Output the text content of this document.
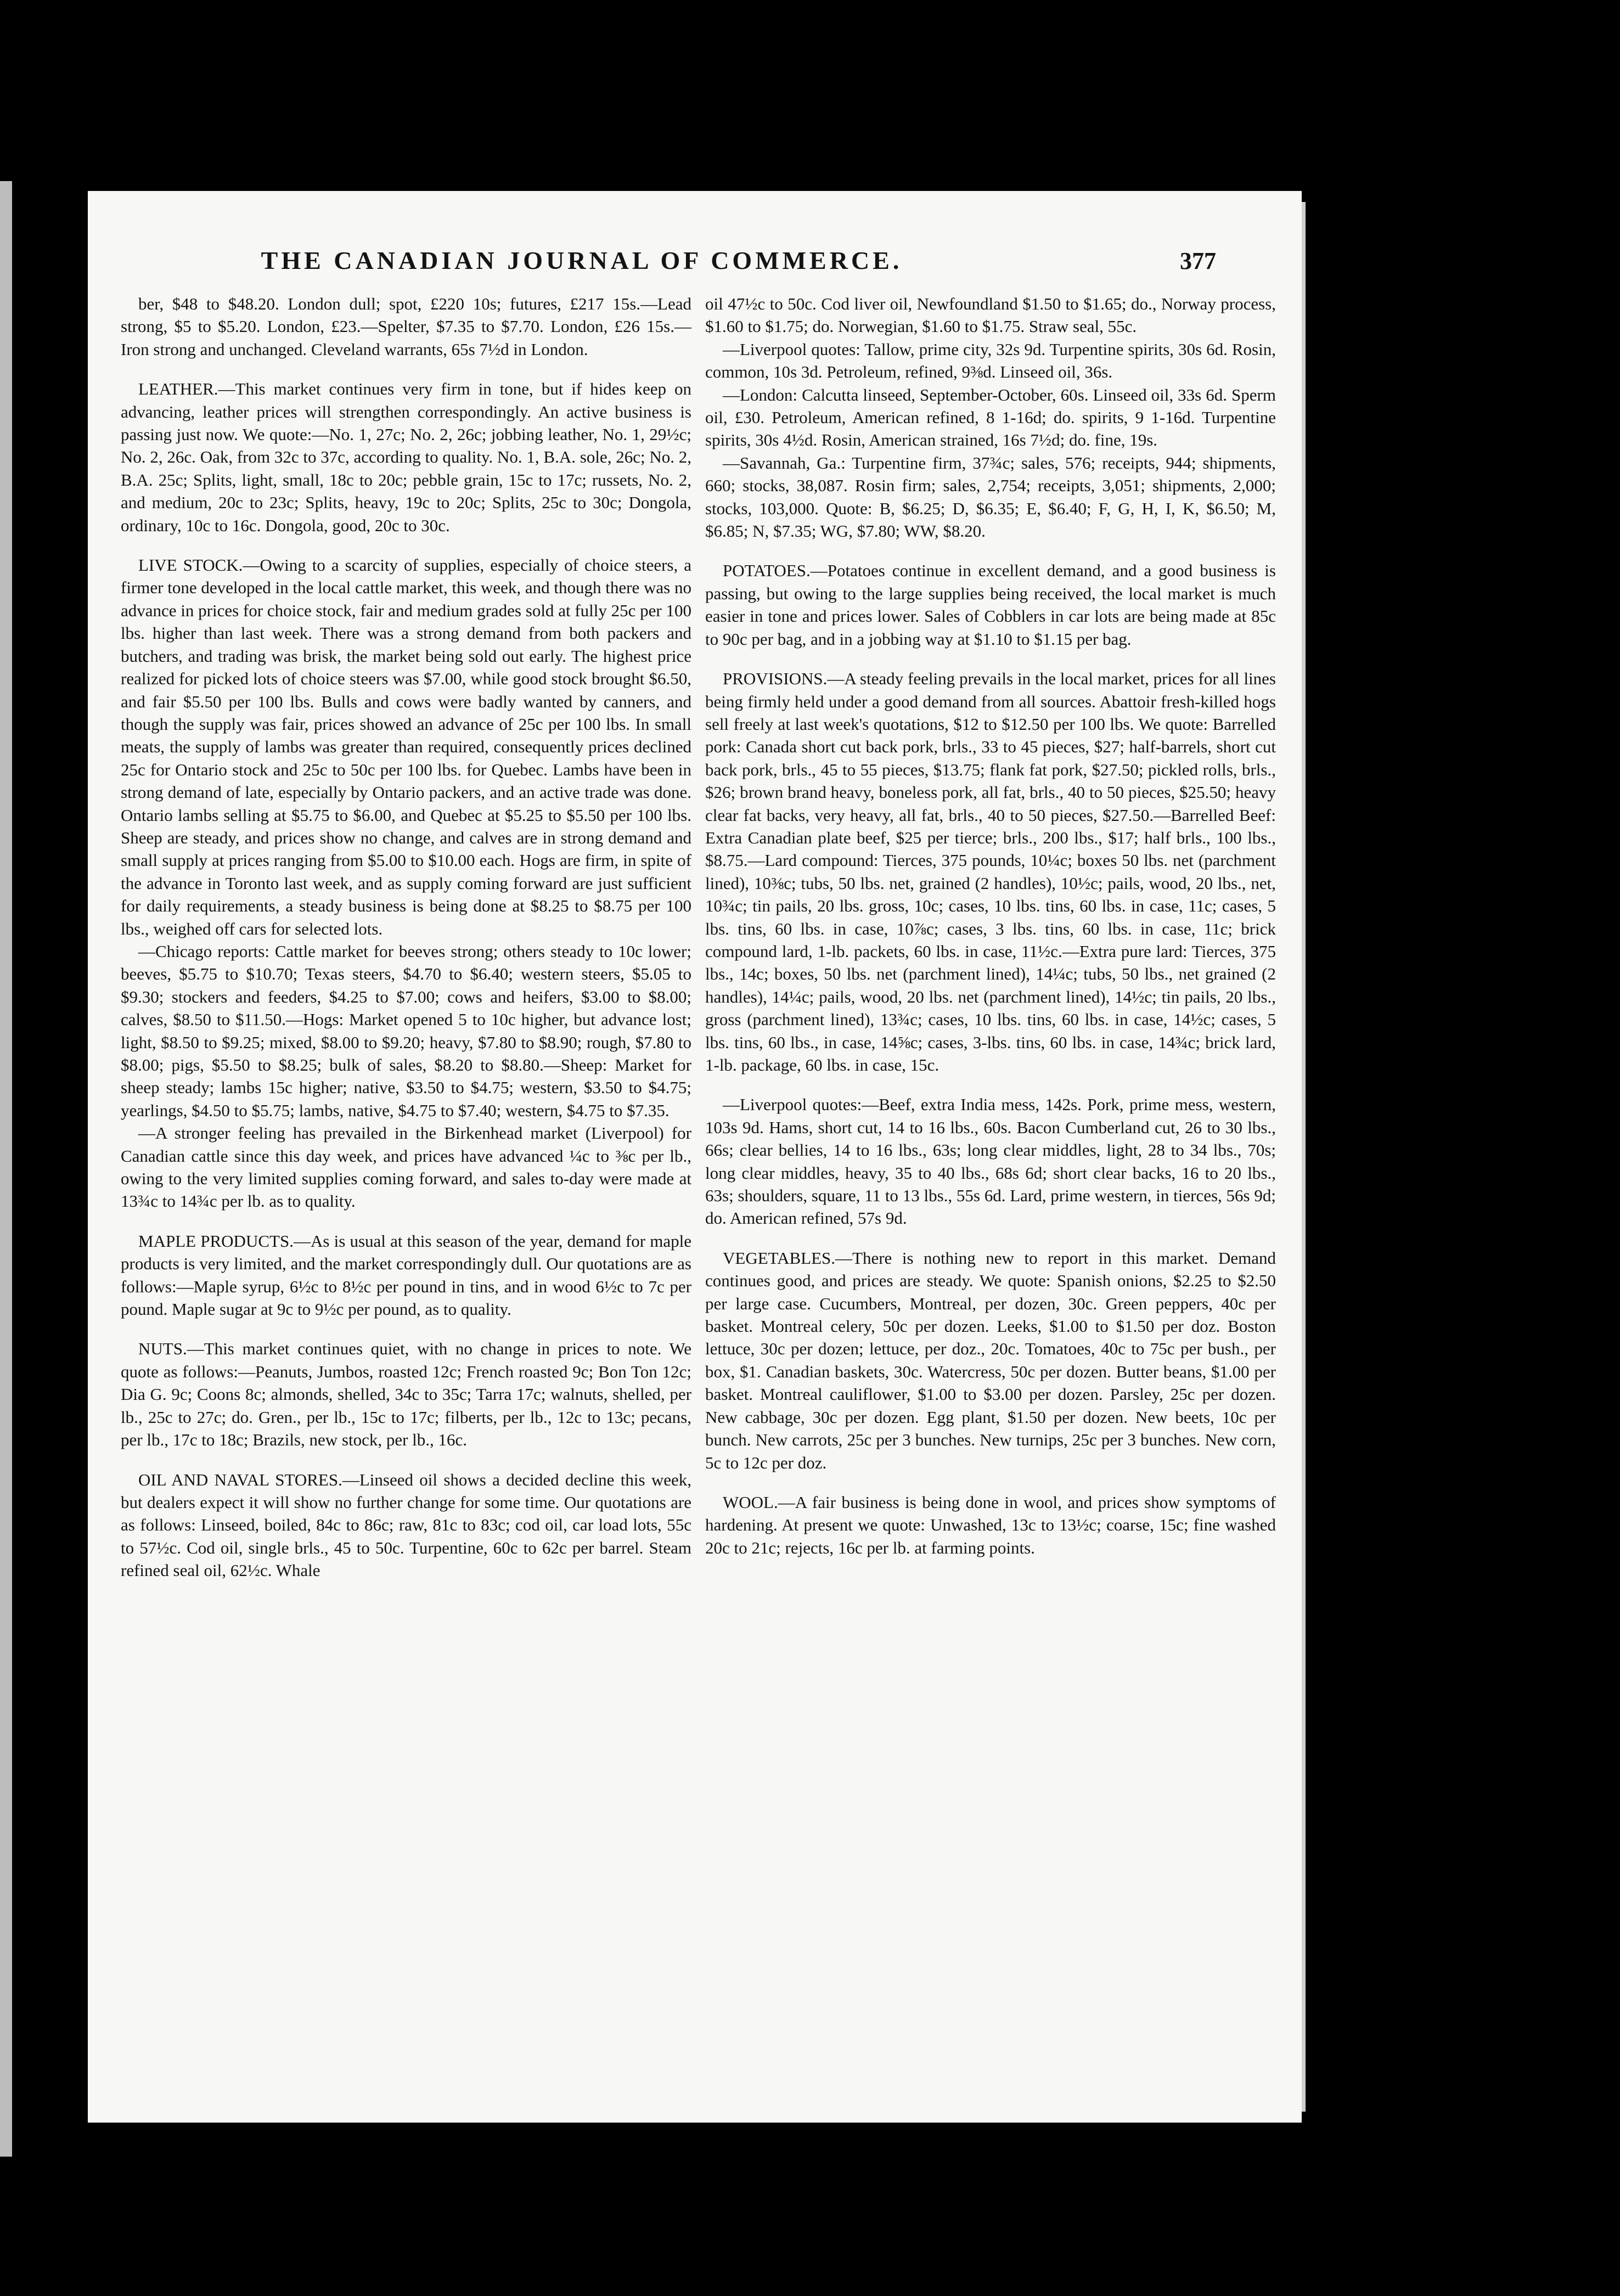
THE CANADIAN JOURNAL OF COMMERCE.	377

ber, $48 to $48.20. London dull; spot, £220 10s; futures, £217 15s.—Lead strong, $5 to $5.20. London, £23.—Spelter, $7.35 to $7.70. London, £26 15s.—Iron strong and unchanged. Cleveland warrants, 65s 7½d in London.

LEATHER.—This market continues very firm in tone, but if hides keep on advancing, leather prices will strengthen correspondingly. An active business is passing just now. We quote:—No. 1, 27c; No. 2, 26c; jobbing leather, No. 1, 29½c; No. 2, 26c. Oak, from 32c to 37c, according to quality. No. 1, B.A. sole, 26c; No. 2, B.A. 25c; Splits, light, small, 18c to 20c; pebble grain, 15c to 17c; russets, No. 2, and medium, 20c to 23c; Splits, heavy, 19c to 20c; Splits, 25c to 30c; Dongola, ordinary, 10c to 16c. Dongola, good, 20c to 30c.

LIVE STOCK.—Owing to a scarcity of supplies, especially of choice steers, a firmer tone developed in the local cattle market, this week, and though there was no advance in prices for choice stock, fair and medium grades sold at fully 25c per 100 lbs. higher than last week. There was a strong demand from both packers and butchers, and trading was brisk, the market being sold out early. The highest price realized for picked lots of choice steers was $7.00, while good stock brought $6.50, and fair $5.50 per 100 lbs. Bulls and cows were badly wanted by canners, and though the supply was fair, prices showed an advance of 25c per 100 lbs. In small meats, the supply of lambs was greater than required, consequently prices declined 25c for Ontario stock and 25c to 50c per 100 lbs. for Quebec. Lambs have been in strong demand of late, especially by Ontario packers, and an active trade was done. Ontario lambs selling at $5.75 to $6.00, and Quebec at $5.25 to $5.50 per 100 lbs. Sheep are steady, and prices show no change, and calves are in strong demand and small supply at prices ranging from $5.00 to $10.00 each. Hogs are firm, in spite of the advance in Toronto last week, and as supply coming forward are just sufficient for daily requirements, a steady business is being done at $8.25 to $8.75 per 100 lbs., weighed off cars for selected lots.

—Chicago reports: Cattle market for beeves strong; others steady to 10c lower; beeves, $5.75 to $10.70; Texas steers, $4.70 to $6.40; western steers, $5.05 to $9.30; stockers and feeders, $4.25 to $7.00; cows and heifers, $3.00 to $8.00; calves, $8.50 to $11.50.—Hogs: Market opened 5 to 10c higher, but advance lost; light, $8.50 to $9.25; mixed, $8.00 to $9.20; heavy, $7.80 to $8.90; rough, $7.80 to $8.00; pigs, $5.50 to $8.25; bulk of sales, $8.20 to $8.80.—Sheep: Market for sheep steady; lambs 15c higher; native, $3.50 to $4.75; western, $3.50 to $4.75; yearlings, $4.50 to $5.75; lambs, native, $4.75 to $7.40; western, $4.75 to $7.35.

—A stronger feeling has prevailed in the Birkenhead market (Liverpool) for Canadian cattle since this day week, and prices have advanced ¼c to ⅜c per lb., owing to the very limited supplies coming forward, and sales to-day were made at 13¾c to 14¾c per lb. as to quality.

MAPLE PRODUCTS.—As is usual at this season of the year, demand for maple products is very limited, and the market correspondingly dull. Our quotations are as follows:—Maple syrup, 6½c to 8½c per pound in tins, and in wood 6½c to 7c per pound. Maple sugar at 9c to 9½c per pound, as to quality.

NUTS.—This market continues quiet, with no change in prices to note. We quote as follows:—Peanuts, Jumbos, roasted 12c; French roasted 9c; Bon Ton 12c; Dia G. 9c; Coons 8c; almonds, shelled, 34c to 35c; Tarra 17c; walnuts, shelled, per lb., 25c to 27c; do. Gren., per lb., 15c to 17c; filberts, per lb., 12c to 13c; pecans, per lb., 17c to 18c; Brazils, new stock, per lb., 16c.

OIL AND NAVAL STORES.—Linseed oil shows a decided decline this week, but dealers expect it will show no further change for some time. Our quotations are as follows: Linseed, boiled, 84c to 86c; raw, 81c to 83c; cod oil, car load lots, 55c to 57½c. Cod oil, single brls., 45 to 50c. Turpentine, 60c to 62c per barrel. Steam refined seal oil, 62½c. Whale

oil 47½c to 50c. Cod liver oil, Newfoundland $1.50 to $1.65; do., Norway process, $1.60 to $1.75; do. Norwegian, $1.60 to $1.75. Straw seal, 55c.

—Liverpool quotes: Tallow, prime city, 32s 9d. Turpentine spirits, 30s 6d. Rosin, common, 10s 3d. Petroleum, refined, 9⅜d. Linseed oil, 36s.

—London: Calcutta linseed, September-October, 60s. Linseed oil, 33s 6d. Sperm oil, £30. Petroleum, American refined, 8 1-16d; do. spirits, 9 1-16d. Turpentine spirits, 30s 4½d. Rosin, American strained, 16s 7½d; do. fine, 19s.

—Savannah, Ga.: Turpentine firm, 37¾c; sales, 576; receipts, 944; shipments, 660; stocks, 38,087. Rosin firm; sales, 2,754; receipts, 3,051; shipments, 2,000; stocks, 103,000. Quote: B, $6.25; D, $6.35; E, $6.40; F, G, H, I, K, $6.50; M, $6.85; N, $7.35; WG, $7.80; WW, $8.20.

POTATOES.—Potatoes continue in excellent demand, and a good business is passing, but owing to the large supplies being received, the local market is much easier in tone and prices lower. Sales of Cobblers in car lots are being made at 85c to 90c per bag, and in a jobbing way at $1.10 to $1.15 per bag.

PROVISIONS.—A steady feeling prevails in the local market, prices for all lines being firmly held under a good demand from all sources. Abattoir fresh-killed hogs sell freely at last week's quotations, $12 to $12.50 per 100 lbs. We quote: Barrelled pork: Canada short cut back pork, brls., 33 to 45 pieces, $27; half-barrels, short cut back pork, brls., 45 to 55 pieces, $13.75; flank fat pork, $27.50; pickled rolls, brls., $26; brown brand heavy, boneless pork, all fat, brls., 40 to 50 pieces, $25.50; heavy clear fat backs, very heavy, all fat, brls., 40 to 50 pieces, $27.50.—Barrelled Beef: Extra Canadian plate beef, $25 per tierce; brls., 200 lbs., $17; half brls., 100 lbs., $8.75.—Lard compound: Tierces, 375 pounds, 10¼c; boxes 50 lbs. net (parchment lined), 10⅜c; tubs, 50 lbs. net, grained (2 handles), 10½c; pails, wood, 20 lbs., net, 10¾c; tin pails, 20 lbs. gross, 10c; cases, 10 lbs. tins, 60 lbs. in case, 11c; cases, 5 lbs. tins, 60 lbs. in case, 10⅞c; cases, 3 lbs. tins, 60 lbs. in case, 11c; brick compound lard, 1-lb. packets, 60 lbs. in case, 11½c.—Extra pure lard: Tierces, 375 lbs., 14c; boxes, 50 lbs. net (parchment lined), 14¼c; tubs, 50 lbs., net grained (2 handles), 14¼c; pails, wood, 20 lbs. net (parchment lined), 14½c; tin pails, 20 lbs., gross (parchment lined), 13¾c; cases, 10 lbs. tins, 60 lbs. in case, 14½c; cases, 5 lbs. tins, 60 lbs., in case, 14⅝c; cases, 3-lbs. tins, 60 lbs. in case, 14¾c; brick lard, 1-lb. package, 60 lbs. in case, 15c.

—Liverpool quotes:—Beef, extra India mess, 142s. Pork, prime mess, western, 103s 9d. Hams, short cut, 14 to 16 lbs., 60s. Bacon Cumberland cut, 26 to 30 lbs., 66s; clear bellies, 14 to 16 lbs., 63s; long clear middles, light, 28 to 34 lbs., 70s; long clear middles, heavy, 35 to 40 lbs., 68s 6d; short clear backs, 16 to 20 lbs., 63s; shoulders, square, 11 to 13 lbs., 55s 6d. Lard, prime western, in tierces, 56s 9d; do. American refined, 57s 9d.

VEGETABLES.—There is nothing new to report in this market. Demand continues good, and prices are steady. We quote: Spanish onions, $2.25 to $2.50 per large case. Cucumbers, Montreal, per dozen, 30c. Green peppers, 40c per basket. Montreal celery, 50c per dozen. Leeks, $1.00 to $1.50 per doz. Boston lettuce, 30c per dozen; lettuce, per doz., 20c. Tomatoes, 40c to 75c per bush., per box, $1. Canadian baskets, 30c. Watercress, 50c per dozen. Butter beans, $1.00 per basket. Montreal cauliflower, $1.00 to $3.00 per dozen. Parsley, 25c per dozen. New cabbage, 30c per dozen. Egg plant, $1.50 per dozen. New beets, 10c per bunch. New carrots, 25c per 3 bunches. New turnips, 25c per 3 bunches. New corn, 5c to 12c per doz.

WOOL.—A fair business is being done in wool, and prices show symptoms of hardening. At present we quote: Unwashed, 13c to 13½c; coarse, 15c; fine washed 20c to 21c; rejects, 16c per lb. at farming points.
